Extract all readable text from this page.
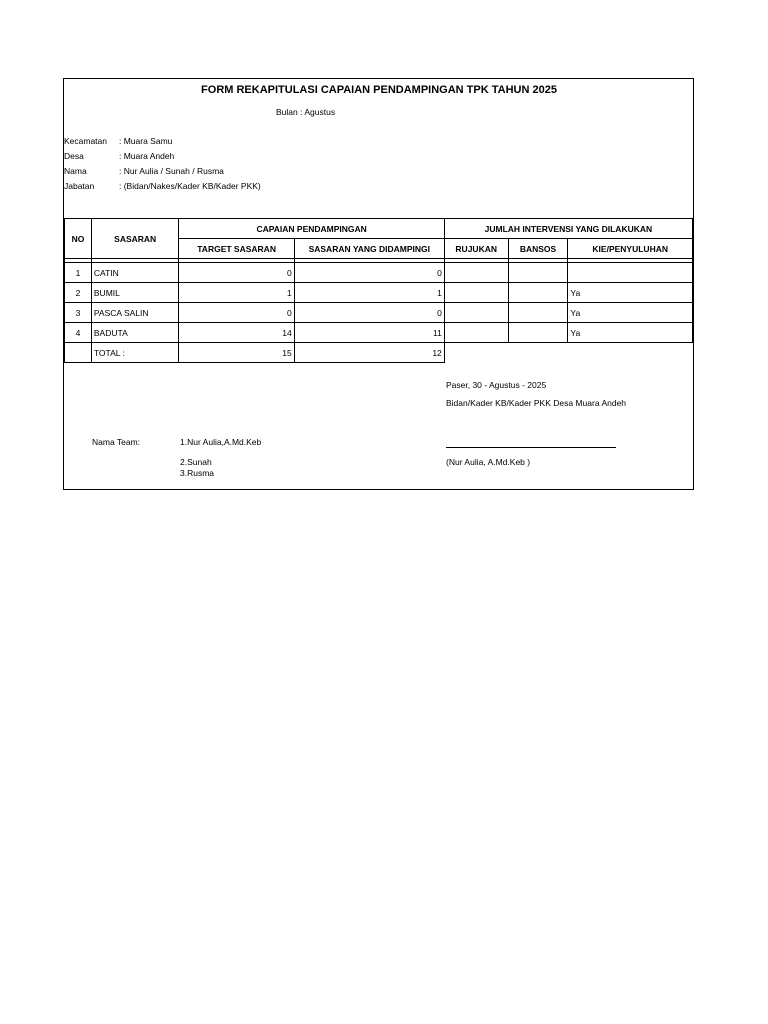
FORM REKAPITULASI CAPAIAN PENDAMPINGAN TPK TAHUN 2025
Bulan : Agustus
Kecamatan : Muara Samu
Desa	: Muara Andeh
Nama	: Nur Aulia / Sunah / Rusma
Jabatan	: (Bidan/Nakes/Kader KB/Kader PKK)
NO	SASARAN	CAPAIAN PENDAMPINGAN		JUMLAH INTERVENSI YANG DILAKUKAN		
		TARGET SASARAN	SASARAN YANG DIDAMPINGI	RUJUKAN	BANSOS	KIE/PENYULUHAN

1	CATIN	0	0			
2	BUMIL	1	1			Ya
3	PASCA SALIN	0	0			Ya
4	BADUTA	14	11			Ya
	TOTAL :	15	12			
Paser, 30 - Agustus - 2025
Bidan/Kader KB/Kader PKK Desa Muara Andeh
Nama Team:	1.Nur Aulia,A.Md.Keb
2.Sunah
3.Rusma
(Nur Aulia, A.Md.Keb )
